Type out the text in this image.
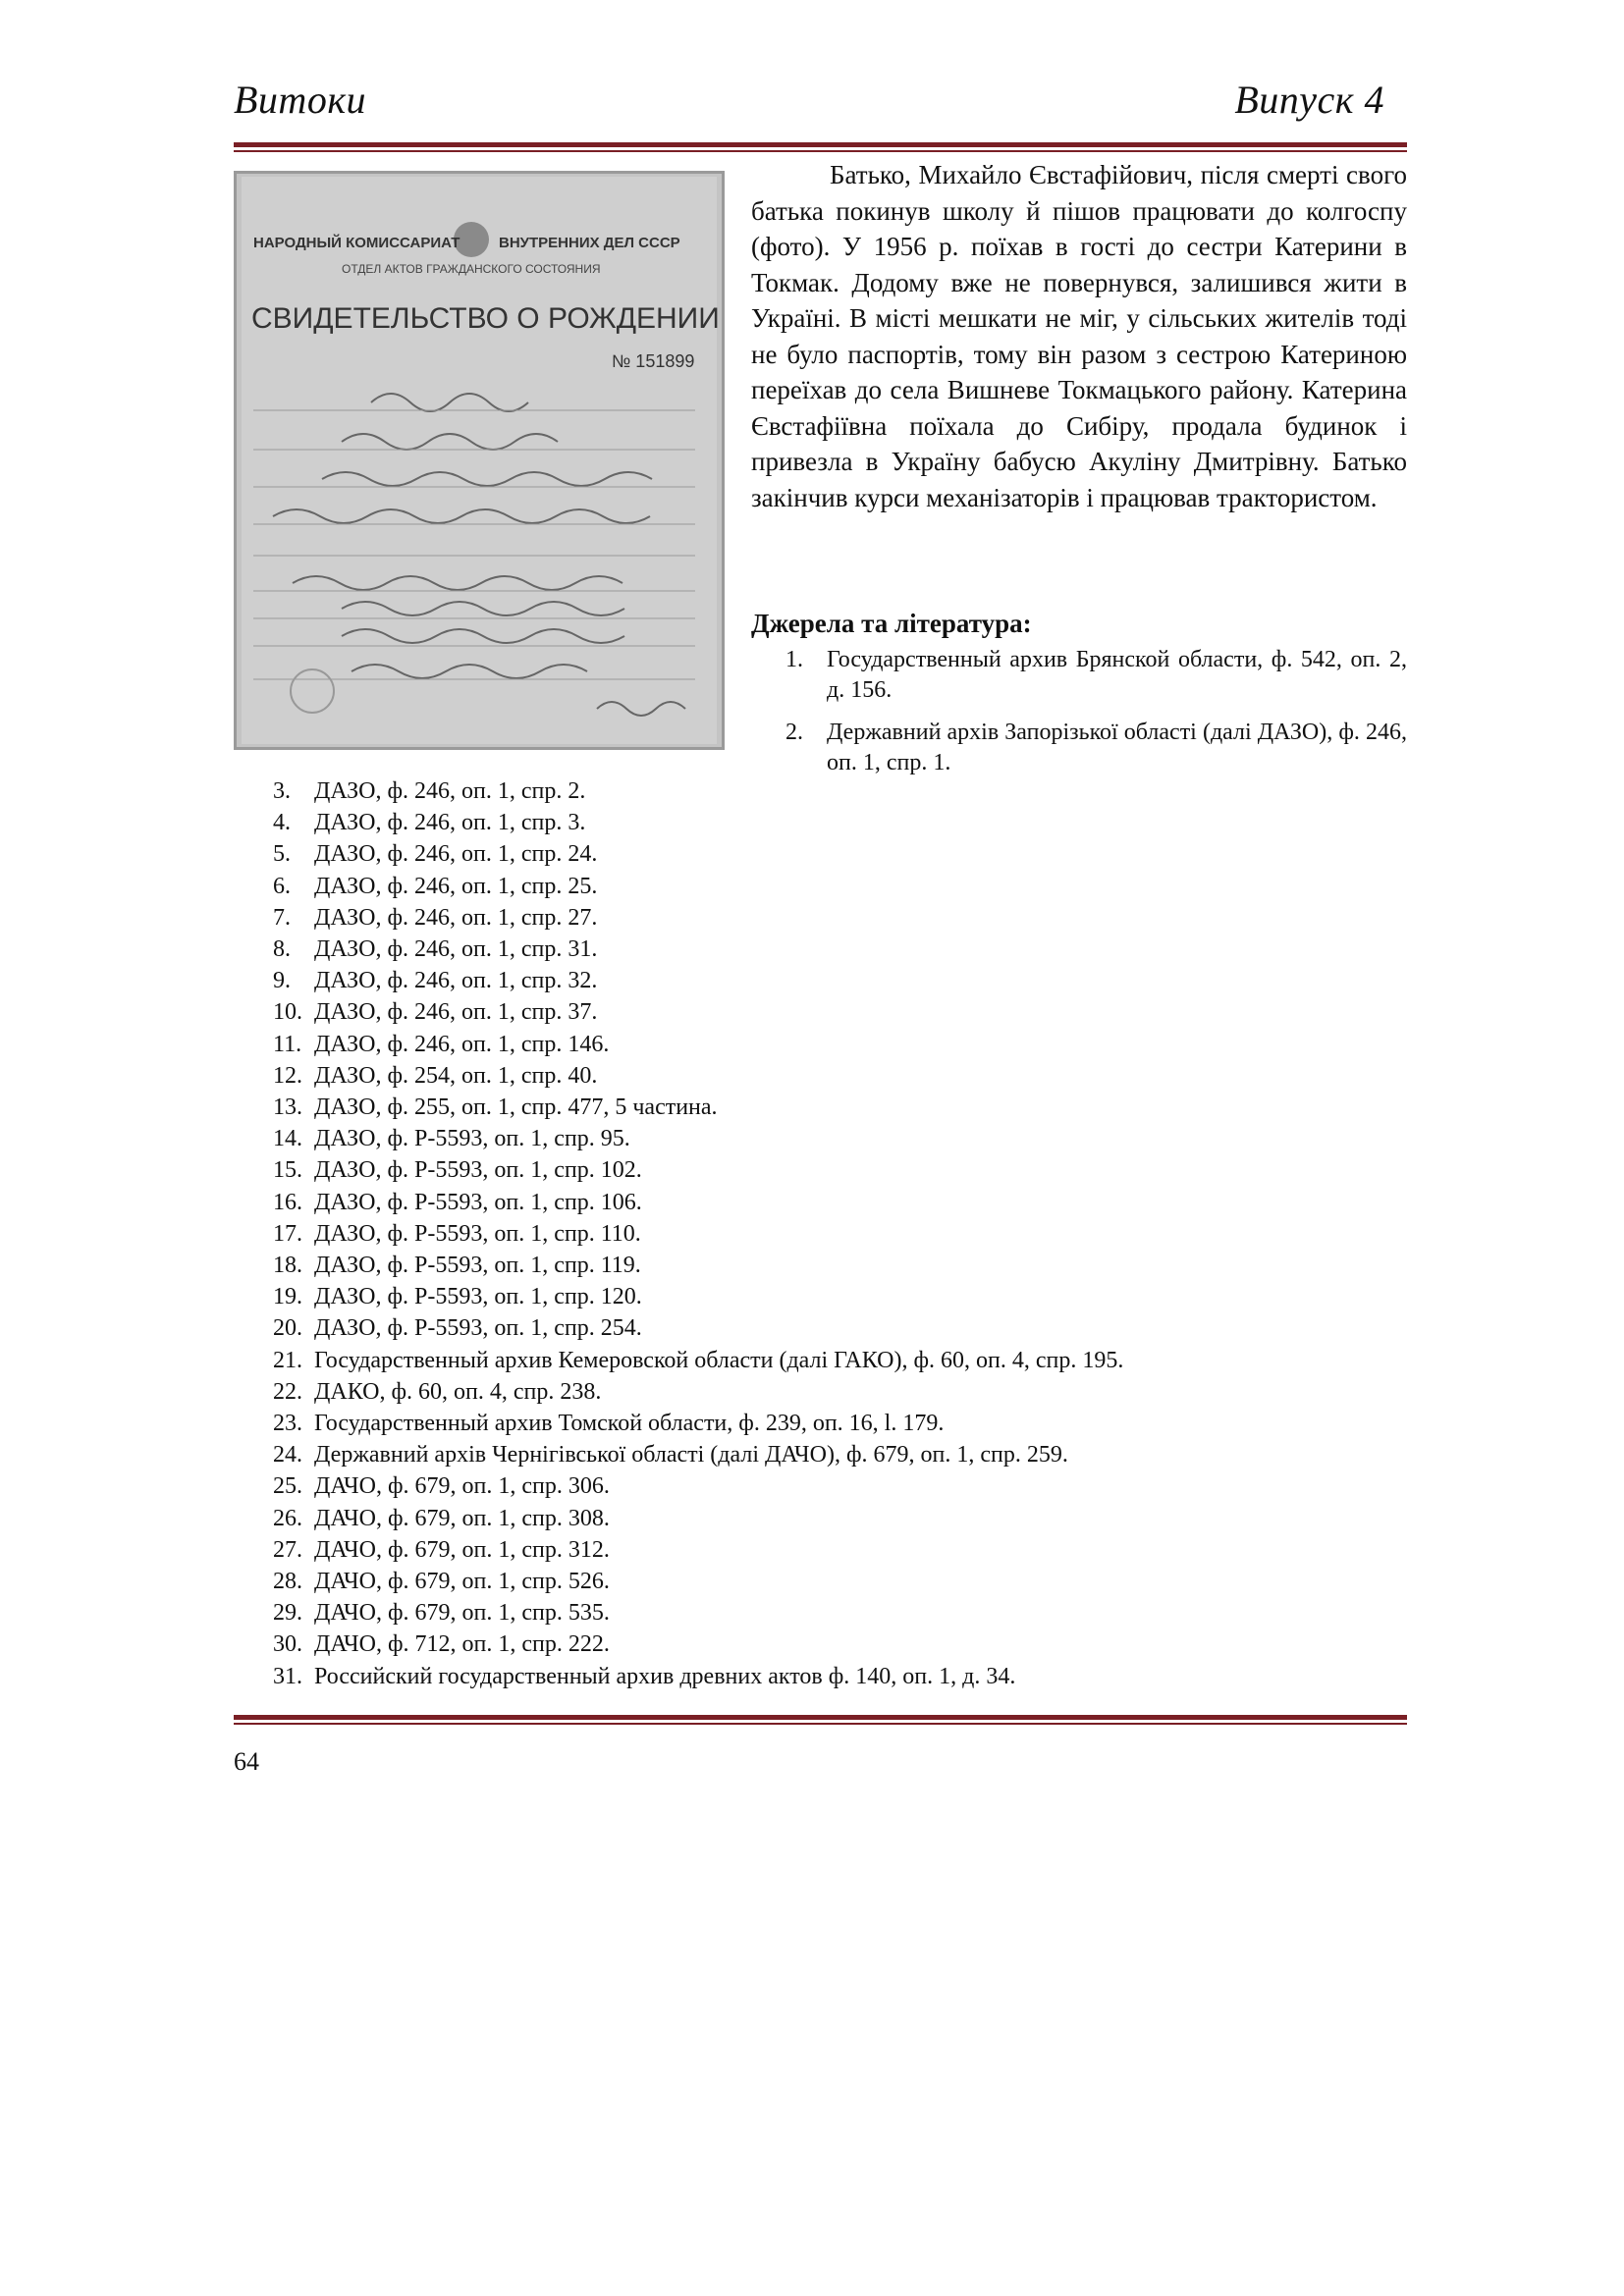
Витоки	Випуск 4
НАРОДНЫЙ КОМИССАРИАТ	ВНУТРЕННИХ ДЕЛ СССР
ОТДЕЛ АКТОВ ГРАЖДАНСКОГО СОСТОЯНИЯ
СВИДЕТЕЛЬСТВО О РОЖДЕНИИ
№ 151899
Батько, Михайло Євстафійович, після смерті свого батька покинув школу й пішов працювати до колгоспу (фото). У 1956 р. поїхав в гості до сестри Катерини в Токмак. Додому вже не повернувся, залишився жити в Україні. В місті мешкати не міг, у сільських жителів тоді не було паспортів, тому він разом з сестрою Катериною переїхав до села Вишневе Токмацького району. Катерина Євстафіївна поїхала до Сибіру, продала будинок і привезла в Україну бабусю Акуліну Дмитрівну. Батько закінчив курси механізаторів і працював трактористом.
Джерела та література:
1.	Государственный архив Брянской области, ф. 542, оп. 2, д. 156.
2.	Державний архів Запорізької області (далі ДАЗО), ф. 246, оп. 1, спр. 1.
3.	ДАЗО, ф. 246, оп. 1, спр. 2.
4.	ДАЗО, ф. 246, оп. 1, спр. 3.
5.	ДАЗО, ф. 246, оп. 1, спр. 24.
6.	ДАЗО, ф. 246, оп. 1, спр. 25.
7.	ДАЗО, ф. 246, оп. 1, спр. 27.
8.	ДАЗО, ф. 246, оп. 1, спр. 31.
9.	ДАЗО, ф. 246, оп. 1, спр. 32.
10. ДАЗО, ф. 246, оп. 1, спр. 37.
11. ДАЗО, ф. 246, оп. 1, спр. 146.
12. ДАЗО, ф. 254, оп. 1, спр. 40.
13. ДАЗО, ф. 255, оп. 1, спр. 477, 5 частина.
14. ДАЗО, ф. Р-5593, оп. 1, спр. 95.
15. ДАЗО, ф. Р-5593, оп. 1, спр. 102.
16. ДАЗО, ф. Р-5593, оп. 1, спр. 106.
17. ДАЗО, ф. Р-5593, оп. 1, спр. 110.
18. ДАЗО, ф. Р-5593, оп. 1, спр. 119.
19. ДАЗО, ф. Р-5593, оп. 1, спр. 120.
20. ДАЗО, ф. Р-5593, оп. 1, спр. 254.
21. Государственный архив Кемеровской области (далі ГАКО), ф. 60, оп. 4, спр. 195.
22. ДАКО, ф. 60, оп. 4, спр. 238.
23. Государственный архив Томской области, ф. 239, оп. 16, l. 179.
24. Державний архів Чернігівської області (далі ДАЧО), ф. 679, оп. 1, спр. 259.
25. ДАЧО, ф. 679, оп. 1, спр. 306.
26. ДАЧО, ф. 679, оп. 1, спр. 308.
27. ДАЧО, ф. 679, оп. 1, спр. 312.
28. ДАЧО, ф. 679, оп. 1, спр. 526.
29. ДАЧО, ф. 679, оп. 1, спр. 535.
30. ДАЧО, ф. 712, оп. 1, спр. 222.
31. Российский государственный архив древних актов ф. 140, оп. 1, д. 34.
64
